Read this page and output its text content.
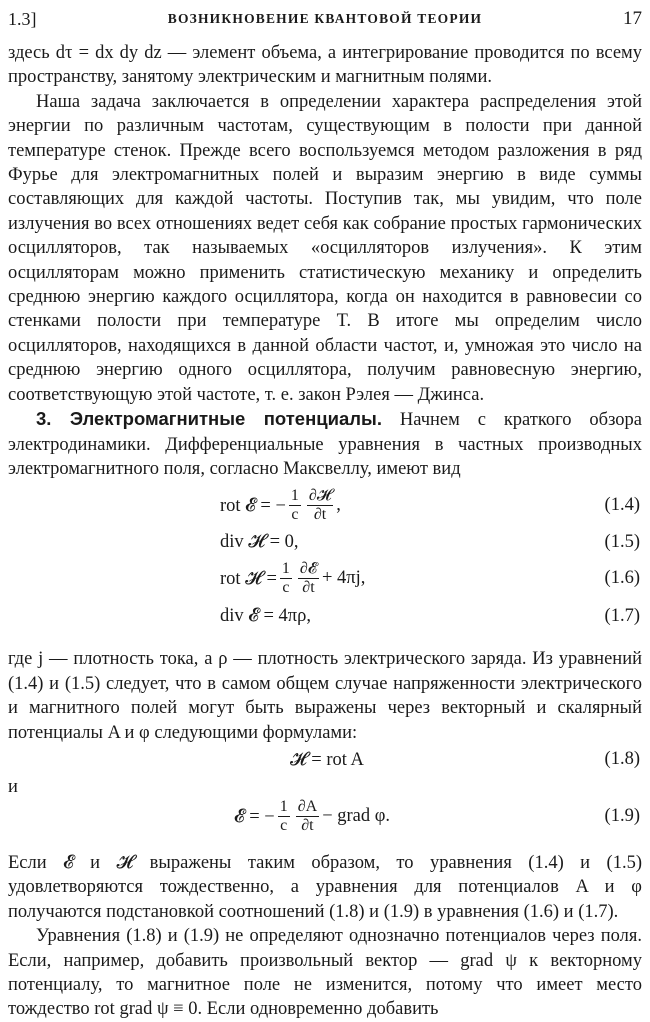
1.3]	ВОЗНИКНОВЕНИЕ КВАНТОВОЙ ТЕОРИИ	17

здесь dτ = dx dy dz — элемент объема, а интегрирование проводится по всему пространству, занятому электрическим и магнитным полями.

Наша задача заключается в определении характера распределения этой энергии по различным частотам, существующим в полости при данной температуре стенок. Прежде всего воспользуемся методом разложения в ряд Фурье для электромагнитных полей и выразим энергию в виде суммы составляющих для каждой частоты. Поступив так, мы увидим, что поле излучения во всех отношениях ведет себя как собрание простых гармонических осцилляторов, так называемых «осцилляторов излучения». К этим осцилляторам можно применить статистическую механику и определить среднюю энергию каждого осциллятора, когда он находится в равновесии со стенками полости при температуре T. В итоге мы определим число осцилляторов, находящихся в данной области частот, и, умножая это число на среднюю энергию одного осциллятора, получим равновесную энергию, соответствующую этой частоте, т. е. закон Рэлея — Джинса.

3. Электромагнитные потенциалы. Начнем с краткого обзора электродинамики. Дифференциальные уравнения в частных производных электромагнитного поля, согласно Максвеллу, имеют вид

rot 𝓔 = − $\frac{1}{c} \frac{\text{∂𝓗}}{\partial t}$ ,	(1.4)
div 𝓗 = 0,	(1.5)
rot 𝓗 = $\frac{1}{c} \frac{\text{∂𝓔}}{\partial t} + 4\pi j$,	(1.6)
div 𝓔 = 4πρ,	(1.7)

где j — плотность тока, а ρ — плотность электрического заряда. Из уравнений (1.4) и (1.5) следует, что в самом общем случае напряженности электрического и магнитного полей могут быть выражены через векторный и скалярный потенциалы A и φ следующими формулами:

𝓗 = rot A	(1.8)
и
𝓔 = − $\frac{1}{c} \frac{\partial A}{\partial t}$ − grad φ.	(1.9)

Если 𝓔 и 𝓗 выражены таким образом, то уравнения (1.4) и (1.5) удовлетворяются тождественно, а уравнения для потенциалов A и φ получаются подстановкой соотношений (1.8) и (1.9) в уравнения (1.6) и (1.7).

Уравнения (1.8) и (1.9) не определяют однозначно потенциалов через поля. Если, например, добавить произвольный вектор — grad ψ к векторному потенциалу, то магнитное поле не изменится, потому что имеет место тождество rot grad ψ ≡ 0. Если одновременно добавить
